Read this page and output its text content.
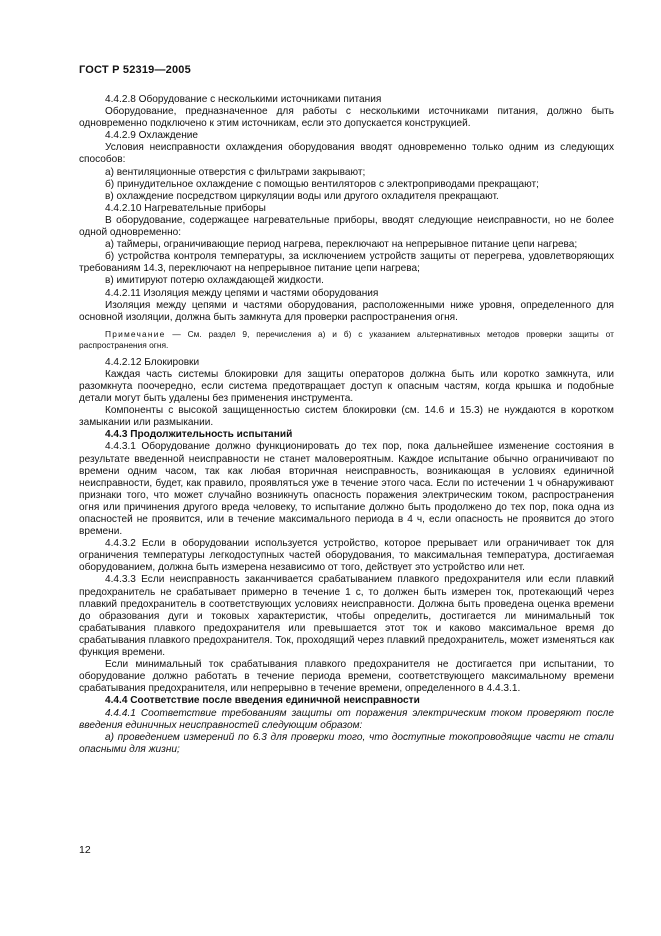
ГОСТ Р 52319—2005

4.4.2.8 Оборудование с несколькими источниками питания

Оборудование, предназначенное для работы с несколькими источниками питания, должно быть одновременно подключено к этим источникам, если это допускается конструкцией.

4.4.2.9 Охлаждение

Условия неисправности охлаждения оборудования вводят одновременно только одним из следующих способов:

а) вентиляционные отверстия с фильтрами закрывают;

б) принудительное охлаждение с помощью вентиляторов с электроприводами прекращают;

в) охлаждение посредством циркуляции воды или другого охладителя прекращают.

4.4.2.10 Нагревательные приборы

В оборудование, содержащее нагревательные приборы, вводят следующие неисправности, но не более одной одновременно:

а) таймеры, ограничивающие период нагрева, переключают на непрерывное питание цепи нагрева;

б) устройства контроля температуры, за исключением устройств защиты от перегрева, удовлетворяющих требованиям 14.3, переключают на непрерывное питание цепи нагрева;

в) имитируют потерю охлаждающей жидкости.

4.4.2.11 Изоляция между цепями и частями оборудования

Изоляция между цепями и частями оборудования, расположенными ниже уровня, определенного для основной изоляции, должна быть замкнута для проверки распространения огня.

Примечание — См. раздел 9, перечисления а) и б) с указанием альтернативных методов проверки защиты от распространения огня.

4.4.2.12 Блокировки

Каждая часть системы блокировки для защиты операторов должна быть или коротко замкнута, или разомкнута поочередно, если система предотвращает доступ к опасным частям, когда крышка и подобные детали могут быть удалены без применения инструмента.

Компоненты с высокой защищенностью систем блокировки (см. 14.6 и 15.3) не нуждаются в коротком замыкании или размыкании.

4.4.3 Продолжительность испытаний

4.4.3.1 Оборудование должно функционировать до тех пор, пока дальнейшее изменение состояния в результате введенной неисправности не станет маловероятным. Каждое испытание обычно ограничивают по времени одним часом, так как любая вторичная неисправность, возникающая в условиях единичной неисправности, будет, как правило, проявляться уже в течение этого часа. Если по истечении 1 ч обнаруживают признаки того, что может случайно возникнуть опасность поражения электрическим током, распространения огня или причинения другого вреда человеку, то испытание должно быть продолжено до тех пор, пока одна из опасностей не проявится, или в течение максимального периода в 4 ч, если опасность не проявится до этого времени.

4.4.3.2 Если в оборудовании используется устройство, которое прерывает или ограничивает ток для ограничения температуры легкодоступных частей оборудования, то максимальная температура, достигаемая оборудованием, должна быть измерена независимо от того, действует это устройство или нет.

4.4.3.3 Если неисправность заканчивается срабатыванием плавкого предохранителя или если плавкий предохранитель не срабатывает примерно в течение 1 с, то должен быть измерен ток, протекающий через плавкий предохранитель в соответствующих условиях неисправности. Должна быть проведена оценка времени до образования дуги и токовых характеристик, чтобы определить, достигается ли минимальный ток срабатывания плавкого предохранителя или превышается этот ток и каково максимальное время до срабатывания плавкого предохранителя. Ток, проходящий через плавкий предохранитель, может изменяться как функция времени.

Если минимальный ток срабатывания плавкого предохранителя не достигается при испытании, то оборудование должно работать в течение периода времени, соответствующего максимальному времени срабатывания предохранителя, или непрерывно в течение времени, определенного в 4.4.3.1.

4.4.4 Соответствие после введения единичной неисправности

4.4.4.1 Соответствие требованиям защиты от поражения электрическим током проверяют после введения единичных неисправностей следующим образом:

а) проведением измерений по 6.3 для проверки того, что доступные токопроводящие части не стали опасными для жизни;

12
